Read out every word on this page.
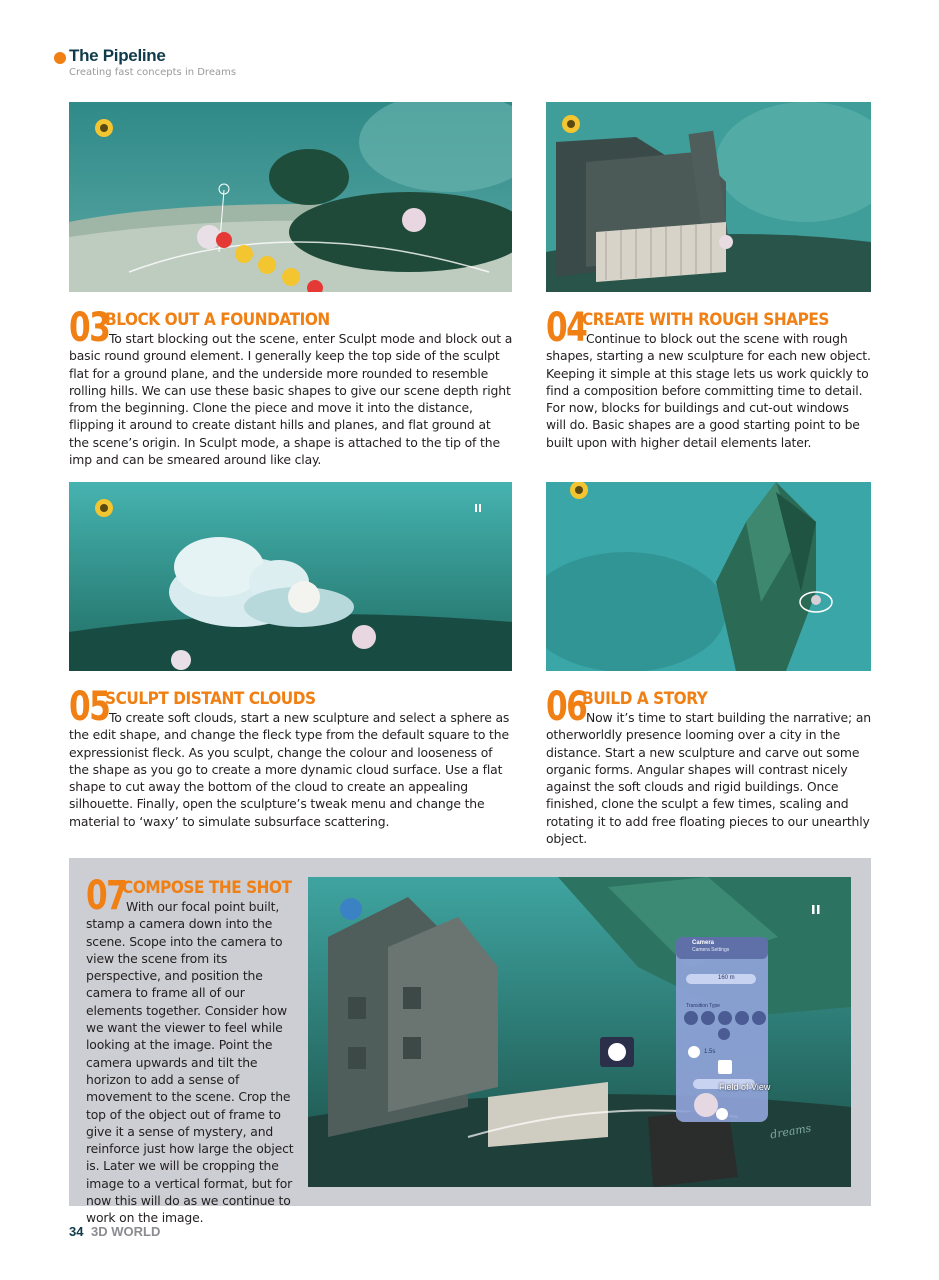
The Pipeline
Creating fast concepts in Dreams
03
BLOCK OUT A FOUNDATION
To start blocking out the scene, enter Sculpt mode and block out a basic round ground element. I generally keep the top side of the sculpt flat for a ground plane, and the underside more rounded to resemble rolling hills. We can use these basic shapes to give our scene depth right from the beginning. Clone the piece and move it into the distance, flipping it around to create distant hills and planes, and flat ground at the scene’s origin. In Sculpt mode, a shape is attached to the tip of the imp and can be smeared around like clay.
04
CREATE WITH ROUGH SHAPES
Continue to block out the scene with rough shapes, starting a new sculpture for each new object. Keeping it simple at this stage lets us work quickly to find a composition before committing time to detail. For now, blocks for buildings and cut-out windows will do. Basic shapes are a good starting point to be built upon with higher detail elements later.
05
SCULPT DISTANT CLOUDS
To create soft clouds, start a new sculpture and select a sphere as the edit shape, and change the fleck type from the default square to the expressionist fleck. As you sculpt, change the colour and looseness of the shape as you go to create a more dynamic cloud surface. Use a flat shape to cut away the bottom of the cloud to create an appealing silhouette. Finally, open the sculpture’s tweak menu and change the material to ‘waxy’ to simulate subsurface scattering.
06
BUILD A STORY
Now it’s time to start building the narrative; an otherworldly presence looming over a city in the distance. Start a new sculpture and carve out some organic forms. Angular shapes will contrast nicely against the soft clouds and rigid buildings. Once finished, clone the sculpt a few times, scaling and rotating it to add free floating pieces to our unearthly object.
07
COMPOSE THE SHOT
With our focal point built, stamp a camera down into the scene. Scope into the camera to view the scene from its perspective, and position the camera to frame all of our elements together. Consider how we want the viewer to feel while looking at the image. Point the camera upwards and tilt the horizon to add a sense of movement to the scene. Crop the top of the object out of frame to give it a sense of mystery, and reinforce just how large the object is. Later we will be cropping the image to a vertical format, but for now this will do as we continue to work on the image.
Camera
Camera Settings
160 m
Transition Type
1.5s
Field of View
dreams
34 3D WORLD
